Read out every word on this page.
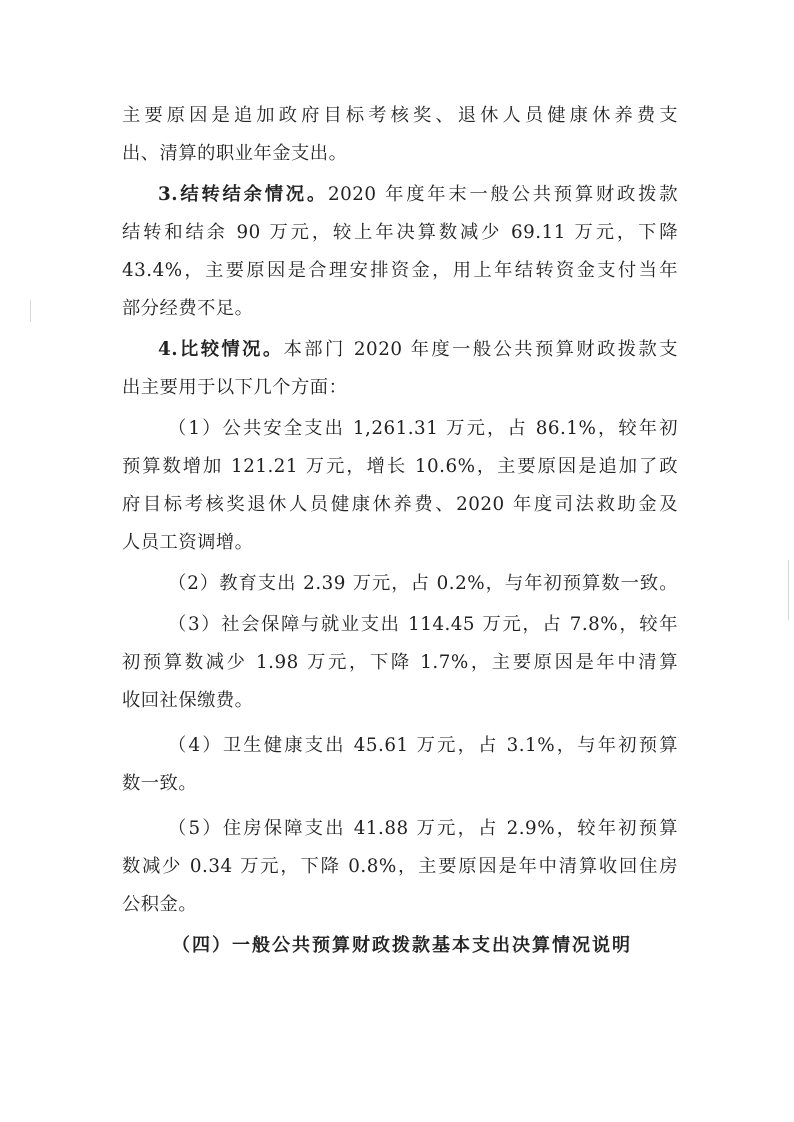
主要原因是追加政府目标考核奖、退休人员健康休养费支
出、清算的职业年金支出。
3.结转结余情况。2020 年度年末一般公共预算财政拨款
结转和结余 90 万元，较上年决算数减少 69.11 万元，下降
43.4%，主要原因是合理安排资金，用上年结转资金支付当年
部分经费不足。
4.比较情况。本部门 2020 年度一般公共预算财政拨款支
出主要用于以下几个方面：
（1）公共安全支出 1,261.31 万元，占 86.1%，较年初
预算数增加 121.21 万元，增长 10.6%，主要原因是追加了政
府目标考核奖退休人员健康休养费、2020 年度司法救助金及
人员工资调增。
（2）教育支出 2.39 万元，占 0.2%，与年初预算数一致。
（3）社会保障与就业支出 114.45 万元，占 7.8%，较年
初预算数减少 1.98 万元，下降 1.7%，主要原因是年中清算
收回社保缴费。
（4）卫生健康支出 45.61 万元，占 3.1%，与年初预算
数一致。
（5）住房保障支出 41.88 万元，占 2.9%，较年初预算
数减少 0.34 万元，下降 0.8%，主要原因是年中清算收回住房
公积金。
（四）一般公共预算财政拨款基本支出决算情况说明
